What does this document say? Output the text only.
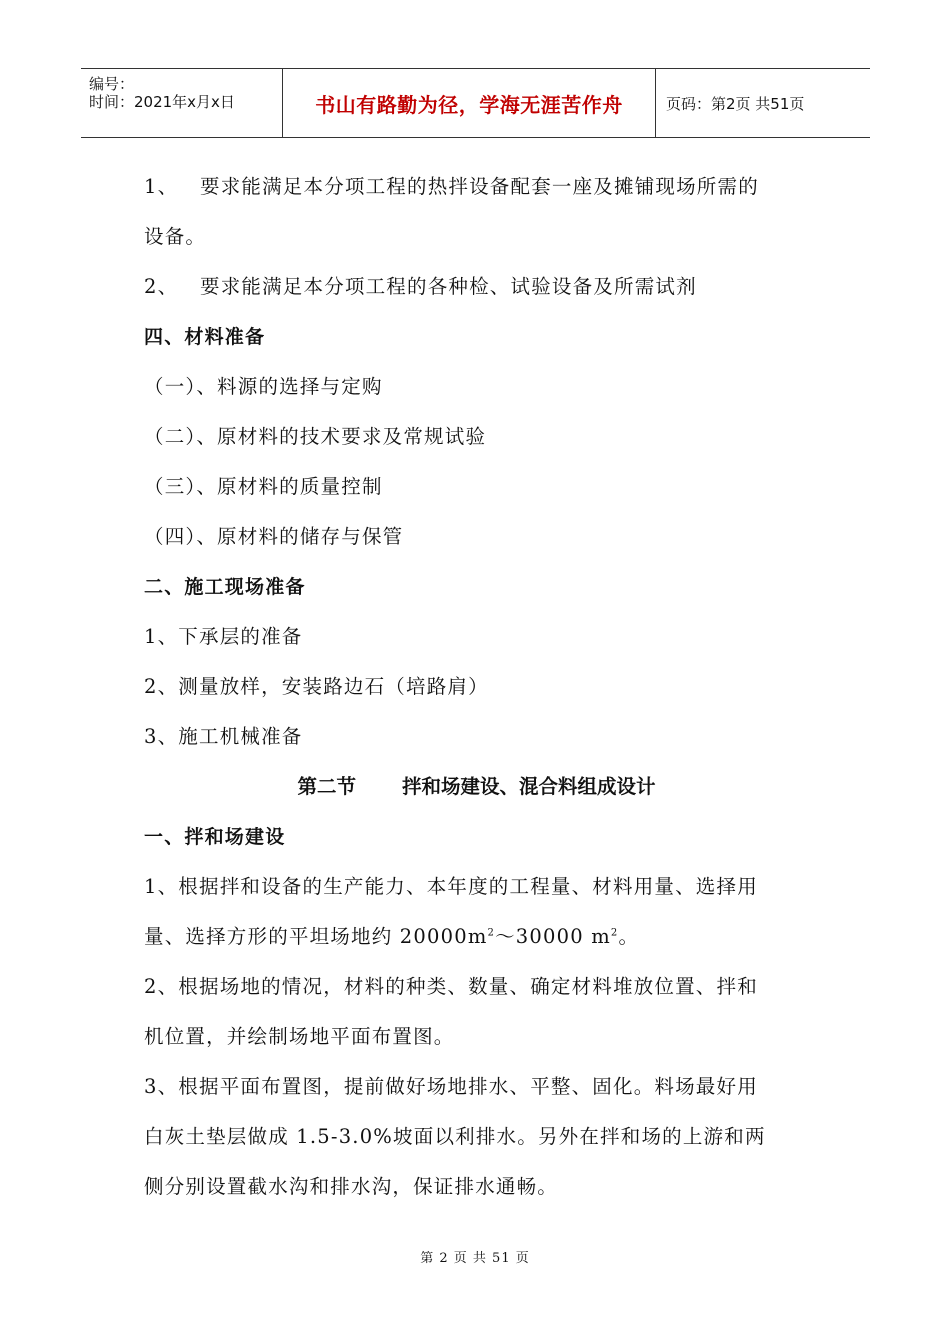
编号：
时间：2021年x月x日	书山有路勤为径，学海无涯苦作舟	页码：第2页 共51页
1、 要求能满足本分项工程的热拌设备配套一座及摊铺现场所需的
设备。
2、 要求能满足本分项工程的各种检、试验设备及所需试剂
四、材料准备
（一）、料源的选择与定购
（二）、原材料的技术要求及常规试验
（三）、原材料的质量控制
（四）、原材料的储存与保管
二、施工现场准备
1、下承层的准备
2、测量放样，安装路边石（培路肩）
3、施工机械准备
第二节 拌和场建设、混合料组成设计
一、拌和场建设
1、根据拌和设备的生产能力、本年度的工程量、材料用量、选择用
量、选择方形的平坦场地约 $20000m^2\sim 30000$ $m^2$。
2、根据场地的情况，材料的种类、数量、确定材料堆放位置、拌和
机位置，并绘制场地平面布置图。
3、根据平面布置图，提前做好场地排水、平整、固化。料场最好用
白灰土垫层做成 1.5-3.0%坡面以利排水。另外在拌和场的上游和两
侧分别设置截水沟和排水沟，保证排水通畅。
第 2 页 共 51 页
